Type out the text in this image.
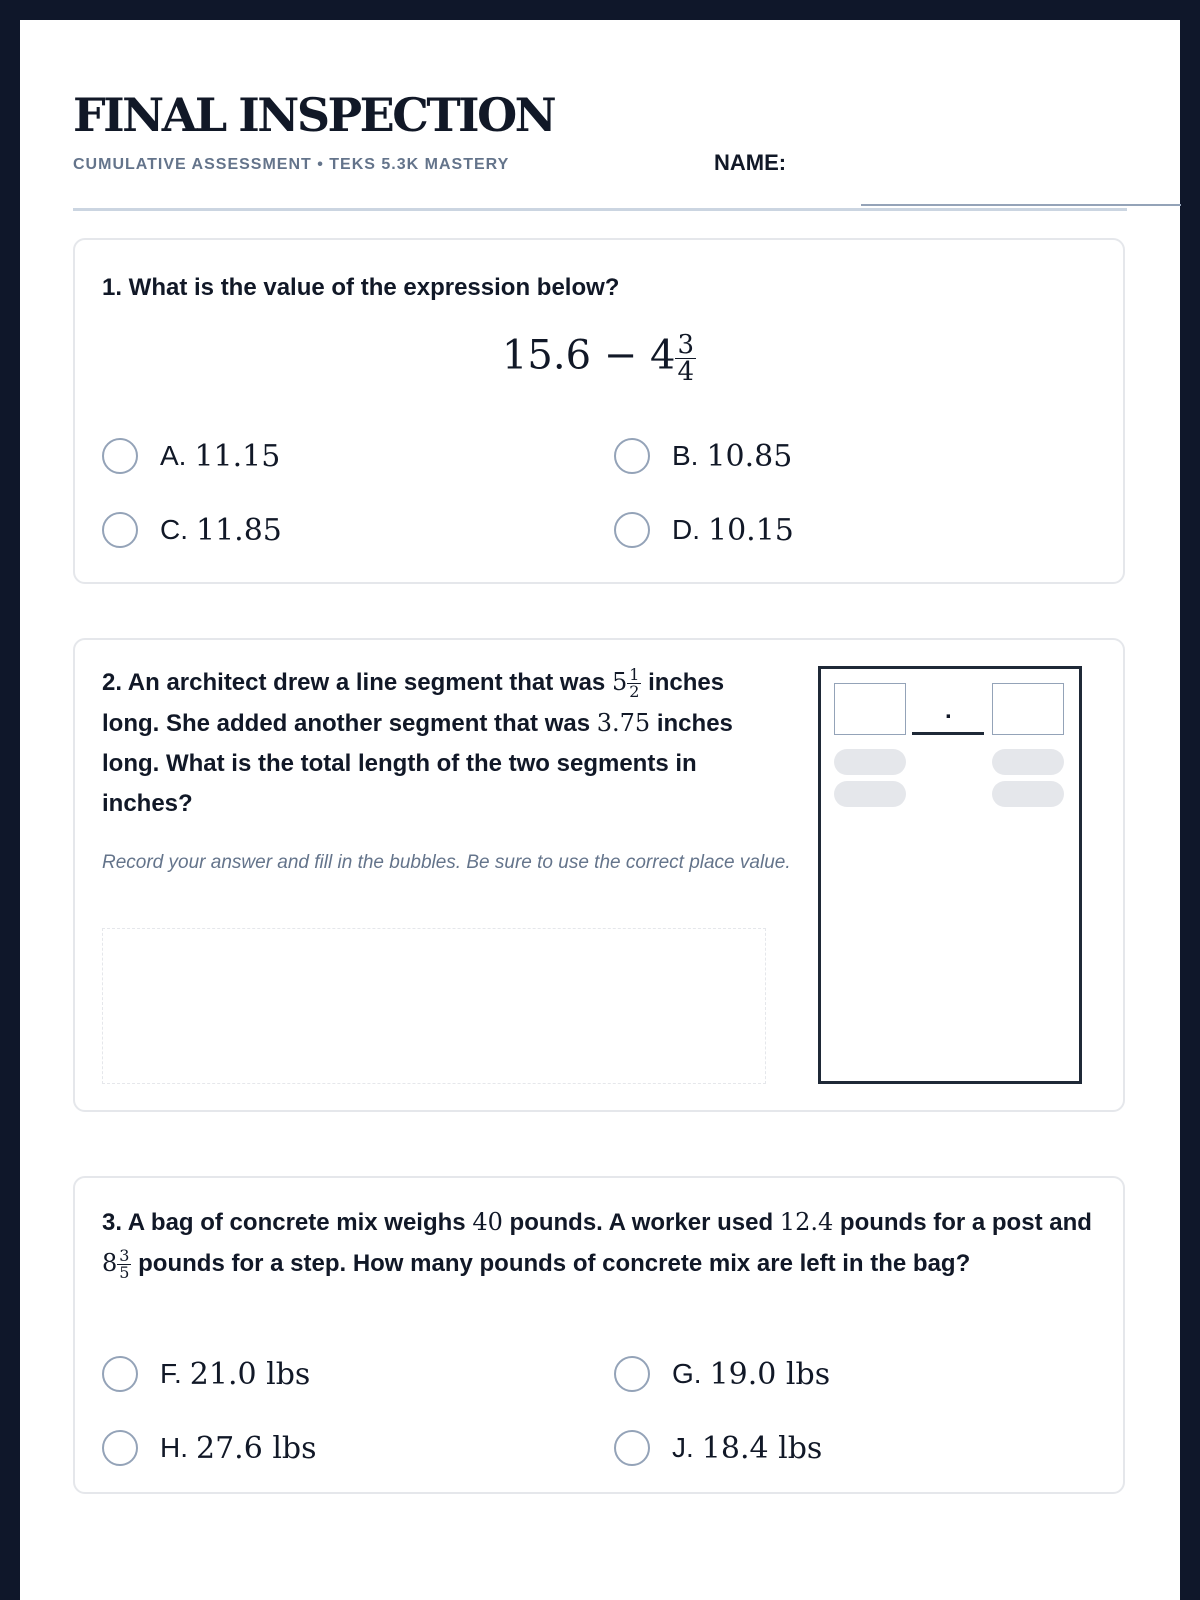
FINAL INSPECTION
CUMULATIVE ASSESSMENT • TEKS 5.3K MASTERY	NAME:
1. What is the value of the expression below?
$15.6 - 4 \frac{3}{4}$
A. 11.15	B. 10.85
C. 11.85	D. 10.15
2. An architect drew a line segment that was $5 \frac{1}{2}$ inches long. She added another segment that was 3.75 inches long. What is the total length of the two segments in inches?
Record your answer and fill in the bubbles. Be sure to use the correct place value.
.
3. A bag of concrete mix weighs 40 pounds. A worker used 12.4 pounds for a post and $8 \frac{3}{5}$ pounds for a step. How many pounds of concrete mix are left in the bag?
F. 21.0 lbs	G. 19.0 lbs
H. 27.6 lbs	J. 18.4 lbs
